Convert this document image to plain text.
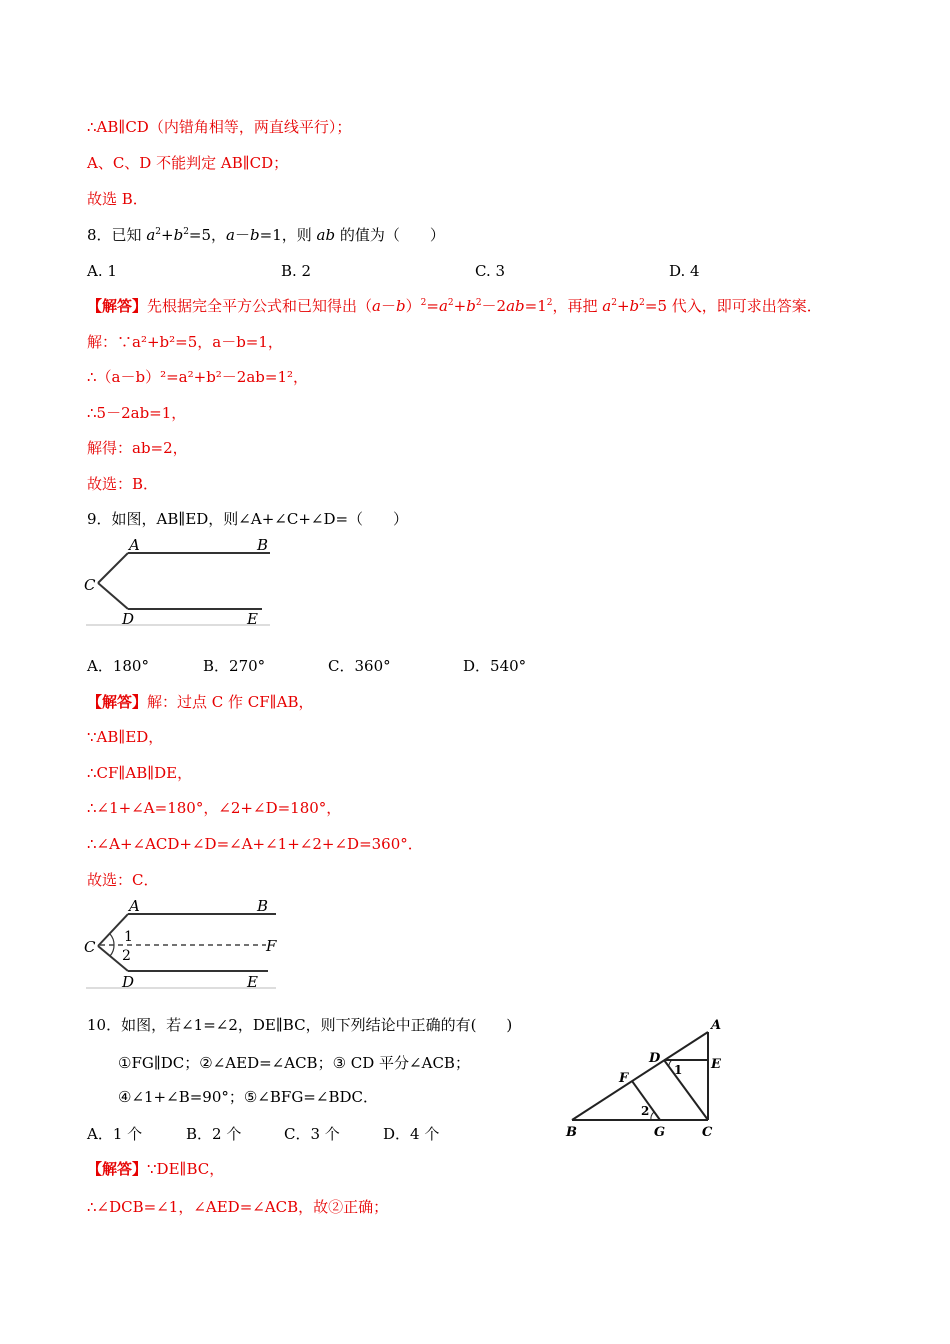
∴AB∥CD（内错角相等，两直线平行）；
A、C、D 不能判定 AB∥CD；
故选 B．
8．已知 $a^2+b^2=5$，a－b=1，则 ab 的值为（　　）
A. 1	B. 2	C. 3	D. 4
【解答】先根据完全平方公式和已知得出$(a-b)^2=a^2+b^2-2ab=1^2$，再把 $a^2+b^2=5$ 代入，即可求出答案．
解：∵a²+b²=5，a－b=1，
∴（a－b）²=a²+b²－2ab=1²，
∴5－2ab=1，
解得：ab=2，
故选：B．
9．如图，AB∥ED，则∠A+∠C+∠D=（　　）
A	B
C
D	E
A．180°	B．270°	C．360°	D．540°
【解答】解：过点 C 作 CF∥AB，
∵AB∥ED，
∴CF∥AB∥DE，
∴∠1+∠A=180°，∠2+∠D=180°，
∴∠A+∠ACD+∠D=∠A+∠1+∠2+∠D=360°．
故选：C．
A	B
C	F
D	E
1
2
10．如图，若∠1=∠2，DE∥BC，则下列结论中正确的有(　　)
①FG∥DC；②∠AED=∠ACB；③ CD 平分∠ACB；
④∠1+∠B=90°；⑤∠BFG=∠BDC．
A．1 个	B．2 个	C．3 个	D．4 个
A
D	E
F
B	G	C
1
2
【解答】∵DE∥BC，
∴∠DCB=∠1，∠AED=∠ACB，故②正确；
